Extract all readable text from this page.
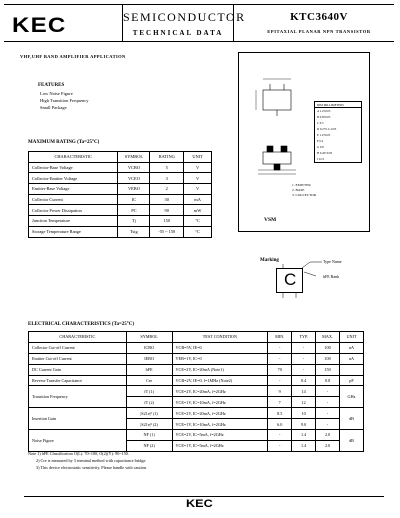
KEC	SEMICONDUCTOR
TECHNICAL DATA
KTC3640V
EPITAXIAL PLANAR NPN TRANSISTOR
VHF,UHF BAND AMPLIFIER APPLICATION
FEATURES
Low Noise Figure
High Transition Frequency
Small Package
MAXIMUM RATING (Ta=25°C)
CHARACTERISTIC	SYMBOL	RATING	UNIT
Collector-Base Voltage	VCBO	5	V
Collector-Emitter Voltage	VCEO	3	V
Emitter-Base Voltage	VEBO	2	V
Collector Current	IC	30	mA
Collector Power Dissipation	PC	90	mW
Junction Temperature	Tj	150	°C
Storage Temperature Range	Tstg	-55 ~ 150	°C
DIM MILLIMETERS
A 1.2±0.05
B 0.8±0.05
C 0.5
D 0.2+0.1/-0.05
E 1.2±0.05
F 0.4
G 0.8
H 0.45±0.05
J 0.15
1. EMITTER
2. BASE
3. COLLECTOR
VSM
Marking	Type Name
hFE Rank
C
ELECTRICAL CHARACTERISTICS (Ta=25°C)
CHARACTERISTIC	SYMBOL	TEST CONDITION	MIN.	TYP.	MAX.	UNIT
Collector Cut-off Current	ICBO	VCB=5V, IE=0	-	-	100	nA
Emitter Cut-off Current	IEBO	VEB=1V, IC=0	-	-	100	nA
DC Current Gain	hFE	VCE=2V, IC=20mA (Note1)	70	-	150	
Reverse Transfer Capacitance	Cre	VCB=2V, IE=0, f=1MHz (Note2)	-	0.4	0.8	pF
Transition Frequency	fT (1)	VCE=2V, IC=20mA, f=2GHz	9	14	-	GHz
	fT (2)	VCE=1V, IC=10mA, f=2GHz	7	12	-	
Insertion Gain	|S21e|² (1)	VCE=2V, IC=20mA, f=2GHz	8.5	10	-	dB
	|S21e|² (2)	VCE=1V, IC=10mA, f=2GHz	6.0	9.0	-	
Noise Figure	NF (1)	VCE=2V, IC=5mA, f=2GHz	-	1.4	2.0	dB
	NF (2)	VCE=1V, IC=5mA, f=2GHz	-	1.4	2.0	
Note 1) hFE Classification O(L): 70~100, O(2)(Y): 90~150.
2) Cre is measured by 3 terminal method with capacitance bridge.
3) This device electrostatic sensitivity. Please handle with caution.
KEC
